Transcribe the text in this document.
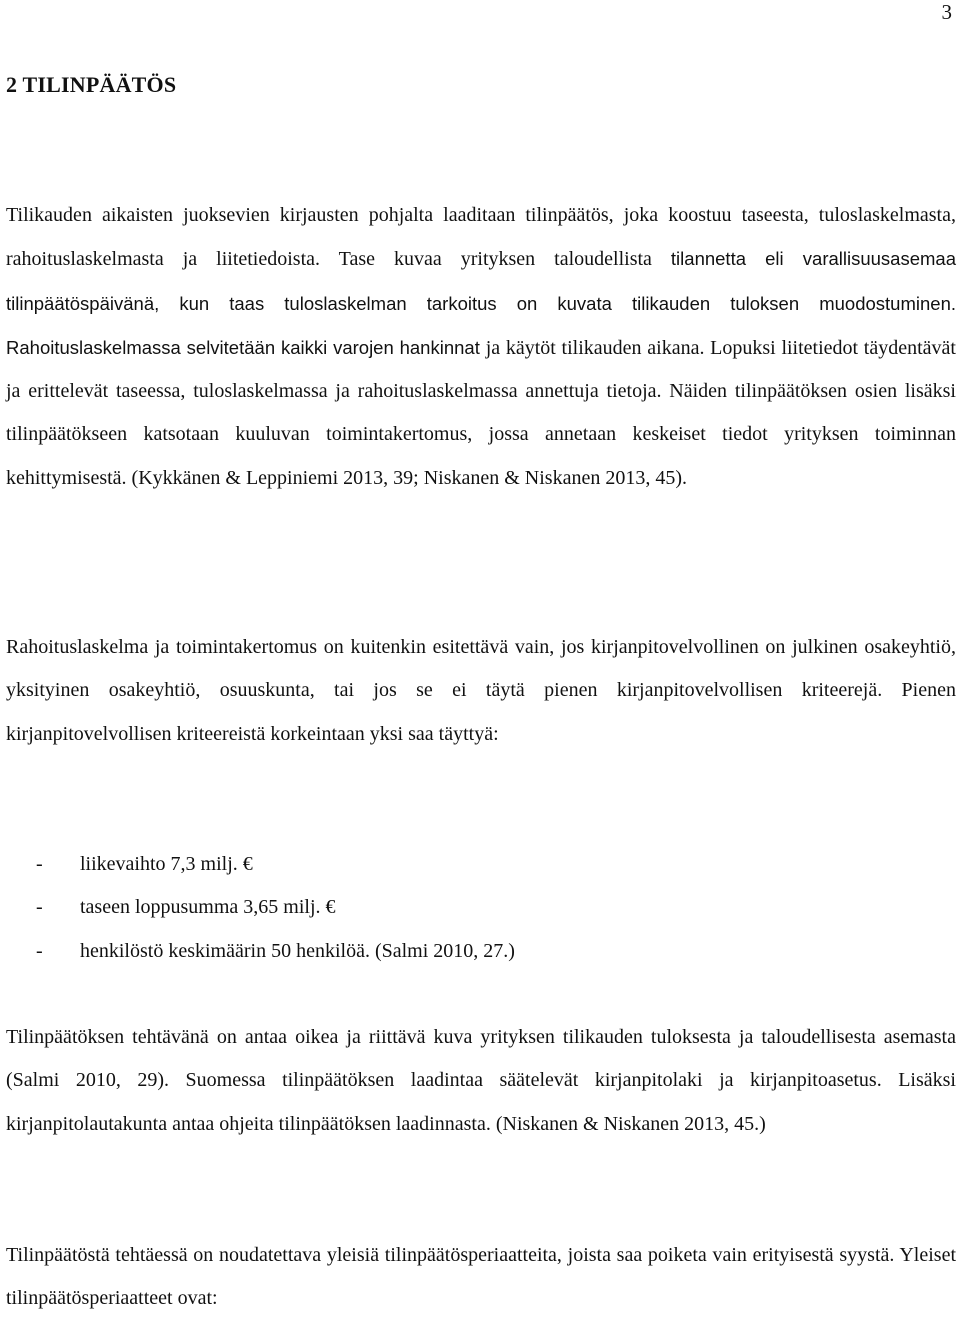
3
2 TILINPÄÄTÖS

Tilikauden aikaisten juoksevien kirjausten pohjalta laaditaan tilinpäätös, joka koostuu taseesta, tuloslaskelmasta, rahoituslaskelmasta ja liitetiedoista. Tase kuvaa yrityksen taloudellista tilannetta eli varallisuusasemaa tilinpäätöspäivänä, kun taas tuloslaskelman tarkoitus on kuvata tilikauden tuloksen muodostuminen. Rahoituslaskelmassa selvitetään kaikki varojen hankinnat ja käytöt tilikauden aikana. Lopuksi liitetiedot täydentävät ja erittelevät taseessa, tuloslaskelmassa ja rahoituslaskelmassa annettuja tietoja. Näiden tilinpäätöksen osien lisäksi tilinpäätökseen katsotaan kuuluvan toimintakertomus, jossa annetaan keskeiset tiedot yrityksen toiminnan kehittymisestä. (Kykkänen & Leppiniemi 2013, 39; Niskanen & Niskanen 2013, 45).

Rahoituslaskelma ja toimintakertomus on kuitenkin esitettävä vain, jos kirjanpitovelvollinen on julkinen osakeyhtiö, yksityinen osakeyhtiö, osuuskunta, tai jos se ei täytä pienen kirjanpitovelvollisen kriteerejä. Pienen kirjanpitovelvollisen kriteereistä korkeintaan yksi saa täyttyä:

-	liikevaihto 7,3 milj. €
-	taseen loppusumma 3,65 milj. €
-	henkilöstö keskimäärin 50 henkilöä. (Salmi 2010, 27.)

Tilinpäätöksen tehtävänä on antaa oikea ja riittävä kuva yrityksen tilikauden tuloksesta ja taloudellisesta asemasta (Salmi 2010, 29). Suomessa tilinpäätöksen laadintaa säätelevät kirjanpitolaki ja kirjanpitoasetus. Lisäksi kirjanpitolautakunta antaa ohjeita tilinpäätöksen laadinnasta. (Niskanen & Niskanen 2013, 45.)

Tilinpäätöstä tehtäessä on noudatettava yleisiä tilinpäätösperiaatteita, joista saa poiketa vain erityisestä syystä. Yleiset tilinpäätösperiaatteet ovat:
